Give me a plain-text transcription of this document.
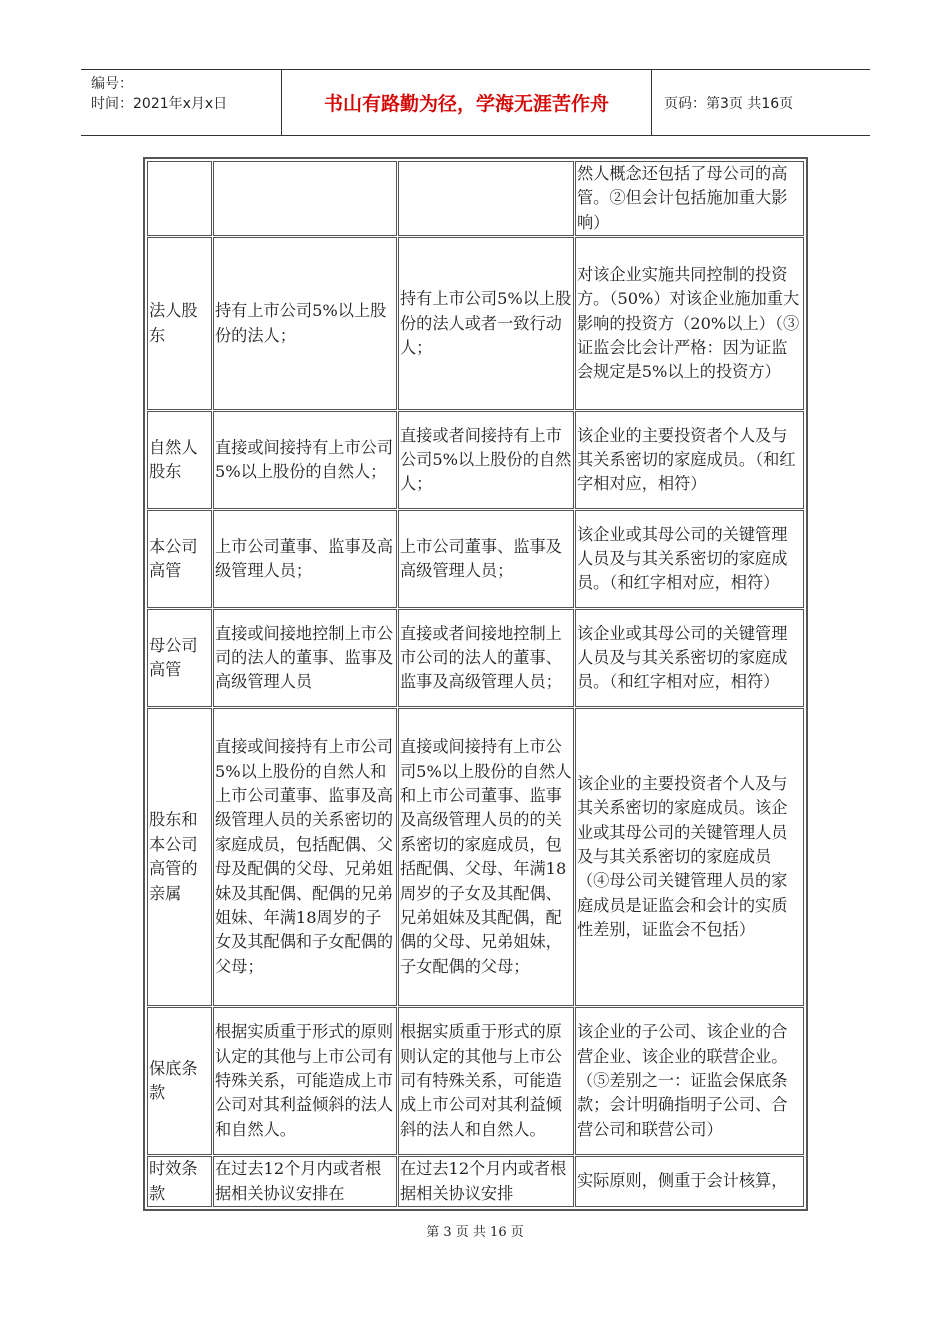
编号：
时间：2021年x月x日	书山有路勤为径，学海无涯苦作舟	页码：第3页 共16页
			然人概念还包括了母公司的高管。②但会计包括施加重大影响）
法人股东	持有上市公司5%以上股份的法人；	持有上市公司5%以上股份的法人或者一致行动人；	对该企业实施共同控制的投资方。（50%）对该企业施加重大影响的投资方（20%以上）（③证监会比会计严格：因为证监会规定是5%以上的投资方）
自然人股东	直接或间接持有上市公司5%以上股份的自然人；	直接或者间接持有上市公司5%以上股份的自然人；	该企业的主要投资者个人及与其关系密切的家庭成员。（和红字相对应，相符）
本公司高管	上市公司董事、监事及高级管理人员；	上市公司董事、监事及高级管理人员；	该企业或其母公司的关键管理人员及与其关系密切的家庭成员。（和红字相对应，相符）
母公司高管	直接或间接地控制上市公司的法人的董事、监事及高级管理人员	直接或者间接地控制上市公司的法人的董事、监事及高级管理人员；	该企业或其母公司的关键管理人员及与其关系密切的家庭成员。（和红字相对应，相符）
股东和本公司高管的亲属	直接或间接持有上市公司5%以上股份的自然人和上市公司董事、监事及高级管理人员的关系密切的家庭成员，包括配偶、父母及配偶的父母、兄弟姐妹及其配偶、配偶的兄弟姐妹、年满18周岁的子女及其配偶和子女配偶的父母；	直接或间接持有上市公司5%以上股份的自然人和上市公司董事、监事及高级管理人员的的关系密切的家庭成员，包括配偶、父母、年满18周岁的子女及其配偶、兄弟姐妹及其配偶，配偶的父母、兄弟姐妹，子女配偶的父母；	该企业的主要投资者个人及与其关系密切的家庭成员。该企业或其母公司的关键管理人员及与其关系密切的家庭成员（④母公司关键管理人员的家庭成员是证监会和会计的实质性差别，证监会不包括）
保底条款	根据实质重于形式的原则认定的其他与上市公司有特殊关系，可能造成上市公司对其利益倾斜的法人和自然人。	根据实质重于形式的原则认定的其他与上市公司有特殊关系，可能造成上市公司对其利益倾斜的法人和自然人。	该企业的子公司、该企业的合营企业、该企业的联营企业。（⑤差别之一：证监会保底条款；会计明确指明子公司、合营公司和联营公司）
时效条款	在过去12个月内或者根据相关协议安排在	在过去12个月内或者根据相关协议安排	实际原则，侧重于会计核算，
第 3 页 共 16 页
